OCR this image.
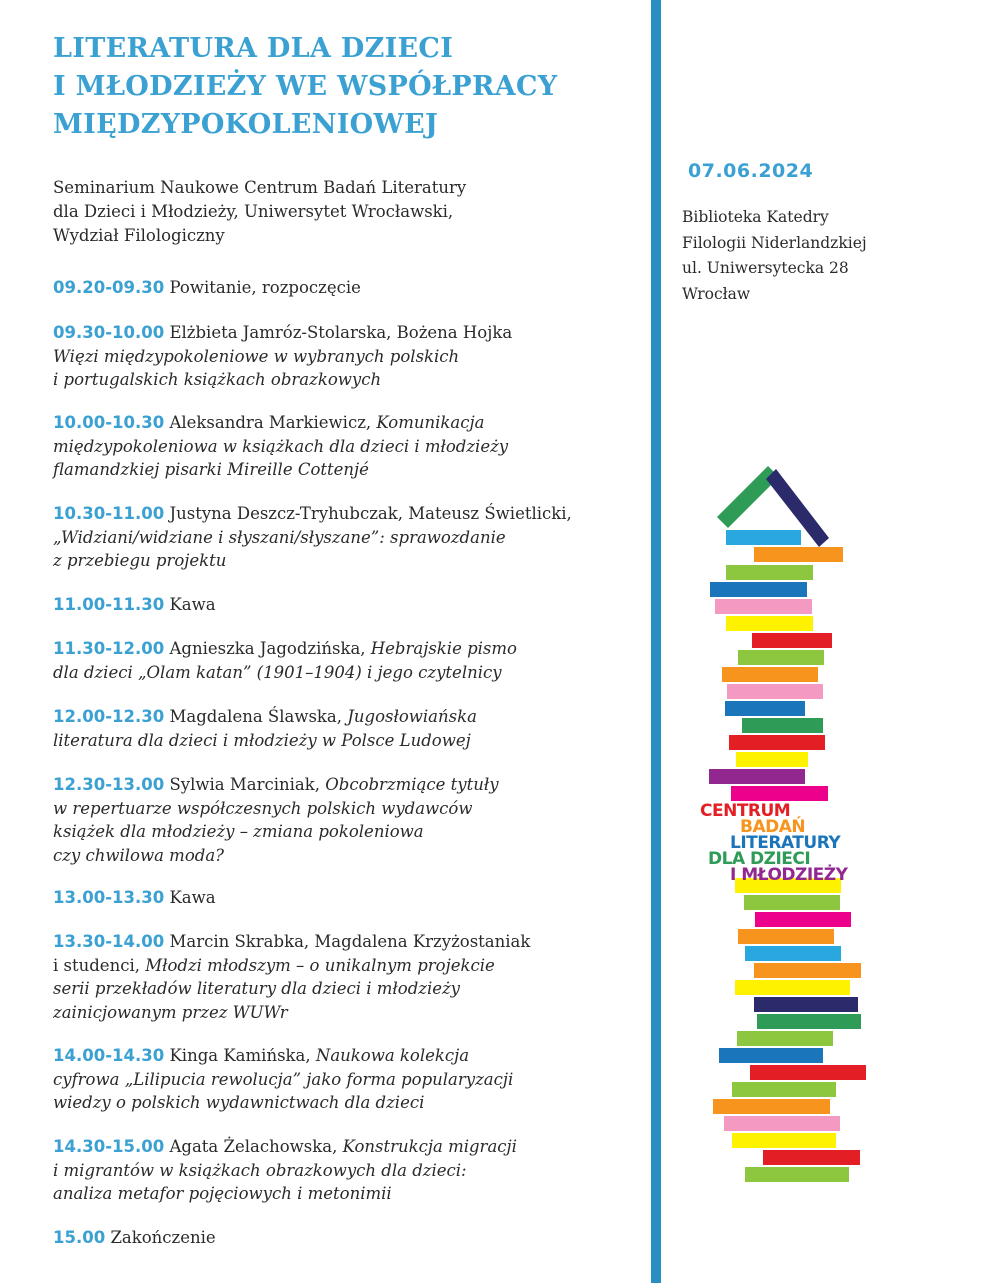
LITERATURA DLA DZIECI
I MŁODZIEŻY WE WSPÓŁPRACY
MIĘDZYPOKOLENIOWEJ

Seminarium Naukowe Centrum Badań Literatury
dla Dzieci i Młodzieży, Uniwersytet Wrocławski,
Wydział Filologiczny

09.20-09.30 Powitanie, rozpoczęcie
09.30-10.00 Elżbieta Jamróz-Stolarska, Bożena Hojka
Więzi międzypokoleniowe w wybranych polskich
i portugalskich książkach obrazkowych
10.00-10.30 Aleksandra Markiewicz, Komunikacja
międzypokoleniowa w książkach dla dzieci i młodzieży
flamandzkiej pisarki Mireille Cottenjé
10.30-11.00 Justyna Deszcz-Tryhubczak, Mateusz Świetlicki,
„Widziani/widziane i słyszani/słyszane”: sprawozdanie
z przebiegu projektu
11.00-11.30 Kawa
11.30-12.00 Agnieszka Jagodzińska, Hebrajskie pismo
dla dzieci „Olam katan” (1901–1904) i jego czytelnicy
12.00-12.30 Magdalena Ślawska, Jugosłowiańska
literatura dla dzieci i młodzieży w Polsce Ludowej
12.30-13.00 Sylwia Marciniak, Obcobrzmiące tytuły
w repertuarze współczesnych polskich wydawców
książek dla młodzieży – zmiana pokoleniowa
czy chwilowa moda?
13.00-13.30 Kawa
13.30-14.00 Marcin Skrabka, Magdalena Krzyżostaniak
i studenci, Młodzi młodszym – o unikalnym projekcie
serii przekładów literatury dla dzieci i młodzieży
zainicjowanym przez WUWr
14.00-14.30 Kinga Kamińska, Naukowa kolekcja
cyfrowa „Lilipucia rewolucja” jako forma popularyzacji
wiedzy o polskich wydawnictwach dla dzieci
14.30-15.00 Agata Żelachowska, Konstrukcja migracji
i migrantów w książkach obrazkowych dla dzieci:
analiza metafor pojęciowych i metonimii
15.00 Zakończenie
07.06.2024
Biblioteka Katedry
Filologii Niderlandzkiej
ul. Uniwersytecka 28
Wrocław
CENTRUM
BADAŃ
LITERATURY
DLA DZIECI
I MŁODZIEŻY
